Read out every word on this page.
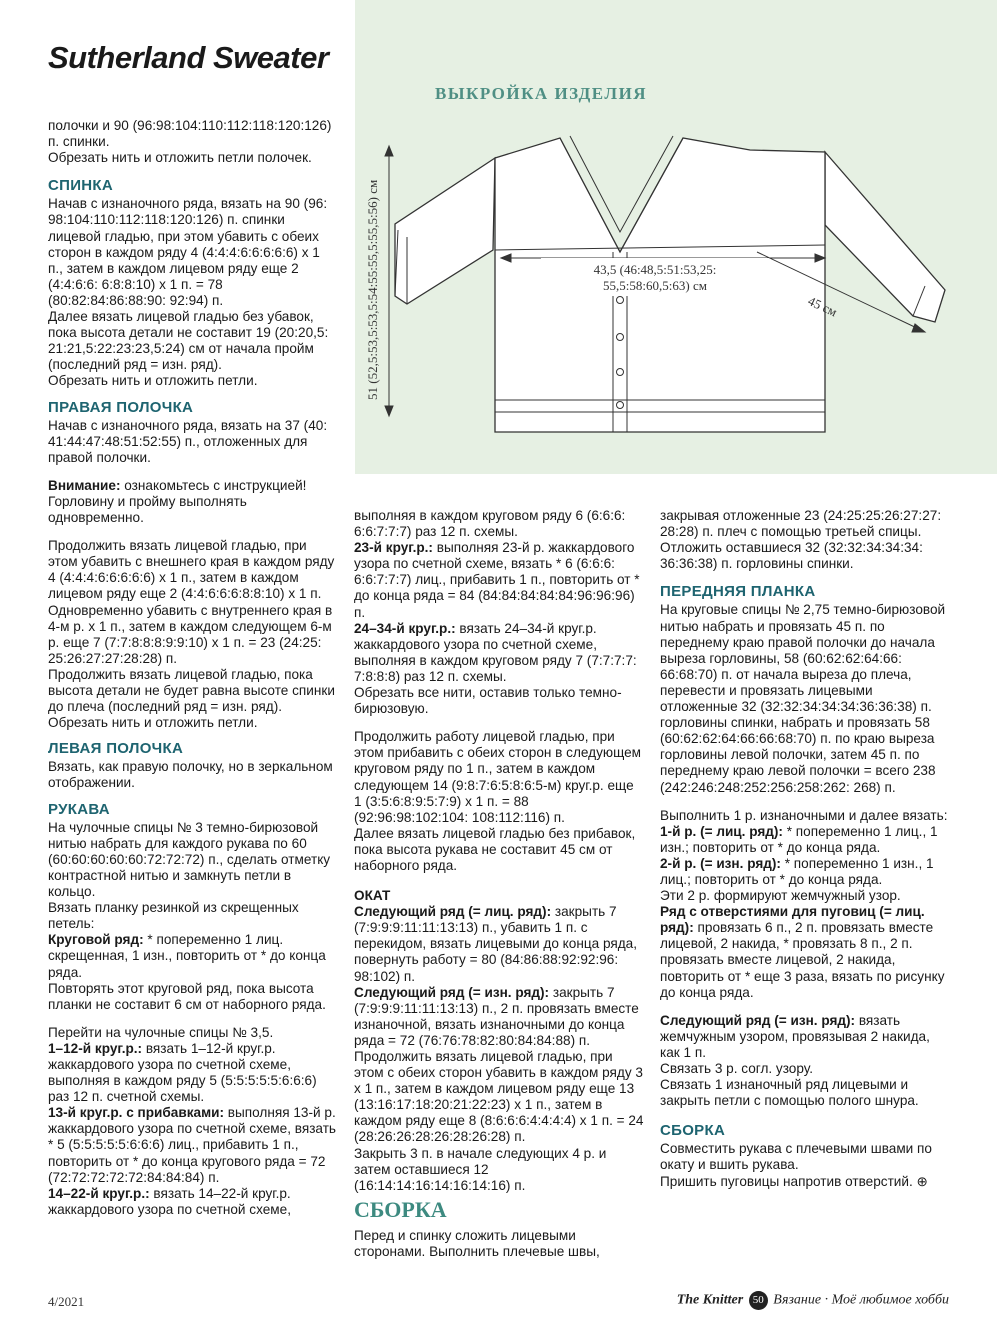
Sutherland Sweater
ВЫКРОЙКА ИЗДЕЛИЯ
51 (52,5:53,5:53,5:54:55:55,5:55,5:56) см	43,5 (46:48,5:51:53,25:
55,5:58:60,5:63) см
45 см

полочки и 90 (96:98:104:110:112:118:120:126) п. спинки.

Обрезать нить и отложить петли полочек.

СПИНКА

Начав с изнаночного ряда, вязать на 90 (96: 98:104:110:112:118:120:126) п. спинки лицевой гладью, при этом убавить с обеих сторон в каждом ряду 4 (4:4:4:6:6:6:6:6) х 1 п., затем в каждом лицевом ряду еще 2 (4:4:6:6: 6:8:8:10) х 1 п. = 78 (80:82:84:86:88:90: 92:94) п.

Далее вязать лицевой гладью без убавок, пока высота детали не составит 19 (20:20,5: 21:21,5:22:23:23,5:24) см от начала пройм (последний ряд = изн. ряд).

Обрезать нить и отложить петли.

ПРАВАЯ ПОЛОЧКА

Начав с изнаночного ряда, вязать на 37 (40: 41:44:47:48:51:52:55) п., отложенных для правой полочки.

Внимание: ознакомьтесь с инструкцией! Горловину и пройму выполнять одновременно.

Продолжить вязать лицевой гладью, при этом убавить с внешнего края в каждом ряду 4 (4:4:4:6:6:6:6:6) х 1 п., затем в каждом лицевом ряду еще 2 (4:4:6:6:6:8:8:10) х 1 п. Одновременно убавить с внутреннего края в 4-м р. х 1 п., затем в каждом следующем 6-м р. еще 7 (7:7:8:8:8:9:9:10) х 1 п. = 23 (24:25: 25:26:27:27:28:28) п.

Продолжить вязать лицевой гладью, пока высота детали не будет равна высоте спинки до плеча (последний ряд = изн. ряд). Обрезать нить и отложить петли.

ЛЕВАЯ ПОЛОЧКА

Вязать, как правую полочку, но в зеркальном отображении.

РУКАВА

На чулочные спицы № 3 темно-бирюзовой нитью набрать для каждого рукава по 60 (60:60:60:60:60:72:72:72) п., сделать отметку контрастной нитью и замкнуть петли в кольцо.

Вязать планку резинкой из скрещенных петель:

Круговой ряд: * попеременно 1 лиц. скрещенная, 1 изн., повторить от * до конца ряда.

Повторять этот круговой ряд, пока высота планки не составит 6 см от наборного ряда.

Перейти на чулочные спицы № 3,5.

1–12-й круг.р.: вязать 1–12-й круг.р. жаккардового узора по счетной схеме, выполняя в каждом ряду 5 (5:5:5:5:5:6:6:6) раз 12 п. счетной схемы.

13-й круг.р. с прибавками: выполняя 13-й р. жаккардового узора по счетной схеме, вязать * 5 (5:5:5:5:5:6:6:6) лиц., прибавить 1 п., повторить от * до конца кругового ряда = 72 (72:72:72:72:72:84:84:84) п.

14–22-й круг.р.: вязать 14–22-й круг.р. жаккардового узора по счетной схеме,

выполняя в каждом круговом ряду 6 (6:6:6: 6:6:7:7:7) раз 12 п. схемы.

23-й круг.р.: выполняя 23-й р. жаккардового узора по счетной схеме, вязать * 6 (6:6:6: 6:6:7:7:7) лиц., прибавить 1 п., повторить от * до конца ряда = 84 (84:84:84:84:84:96:96:96) п.

24–34-й круг.р.: вязать 24–34-й круг.р. жаккардового узора по счетной схеме, выполняя в каждом круговом ряду 7 (7:7:7:7: 7:8:8:8) раз 12 п. схемы.

Обрезать все нити, оставив только темно-бирюзовую.

Продолжить работу лицевой гладью, при этом прибавить с обеих сторон в следующем круговом ряду по 1 п., затем в каждом следующем 14 (9:8:7:6:5:8:6:5-м) круг.р. еще 1 (3:5:6:8:9:5:7:9) х 1 п. = 88 (92:96:98:102:104: 108:112:116) п.

Далее вязать лицевой гладью без прибавок, пока высота рукава не составит 45 см от наборного ряда.

ОКАТ

Следующий ряд (= лиц. ряд): закрыть 7 (7:9:9:9:11:11:13:13) п., убавить 1 п. с перекидом, вязать лицевыми до конца ряда, повернуть работу = 80 (84:86:88:92:92:96: 98:102) п.

Следующий ряд (= изн. ряд): закрыть 7 (7:9:9:9:11:11:13:13) п., 2 п. провязать вместе изнаночной, вязать изнаночными до конца ряда = 72 (76:76:78:82:80:84:84:88) п.

Продолжить вязать лицевой гладью, при этом с обеих сторон убавить в каждом ряду 3 х 1 п., затем в каждом лицевом ряду еще 13 (13:16:17:18:20:21:22:23) х 1 п., затем в каждом ряду еще 8 (8:6:6:6:4:4:4:4) х 1 п. = 24 (28:26:26:28:26:28:26:28) п.

Закрыть 3 п. в начале следующих 4 р. и затем оставшиеся 12 (16:14:14:16:14:16:14:16) п.

СБОРКА

Перед и спинку сложить лицевыми сторонами. Выполнить плечевые швы,

закрывая отложенные 23 (24:25:25:26:27:27: 28:28) п. плеч с помощью третьей спицы.

Отложить оставшиеся 32 (32:32:34:34:34: 36:36:38) п. горловины спинки.

ПЕРЕДНЯЯ ПЛАНКА

На круговые спицы № 2,75 темно-бирюзовой нитью набрать и провязать 45 п. по переднему краю правой полочки до начала выреза горловины, 58 (60:62:62:64:66: 66:68:70) п. от начала выреза до плеча, перевести и провязать лицевыми отложенные 32 (32:32:34:34:34:36:36:38) п. горловины спинки, набрать и провязать 58 (60:62:62:64:66:66:68:70) п. по краю выреза горловины левой полочки, затем 45 п. по переднему краю левой полочки = всего 238 (242:246:248:252:256:258:262: 268) п.

Выполнить 1 р. изнаночными и далее вязать:

1-й р. (= лиц. ряд): * попеременно 1 лиц., 1 изн.; повторить от * до конца ряда.

2-й р. (= изн. ряд): * попеременно 1 изн., 1 лиц.; повторить от * до конца ряда.

Эти 2 р. формируют жемчужный узор.

Ряд с отверстиями для пуговиц (= лиц. ряд): провязать 6 п., 2 п. провязать вместе лицевой, 2 накида, * провязать 8 п., 2 п. провязать вместе лицевой, 2 накида, повторить от * еще 3 раза, вязать по рисунку до конца ряда.

Следующий ряд (= изн. ряд): вязать жемчужным узором, провязывая 2 накида, как 1 п.

Связать 3 р. согл. узору.

Связать 1 изнаночный ряд лицевыми и закрыть петли с помощью полого шнура.

СБОРКА

Совместить рукава с плечевыми швами по окату и вшить рукава.

Пришить пуговицы напротив отверстий. ⊕

4/2021	The Knitter 50 Вязание · Моё любимое хобби
